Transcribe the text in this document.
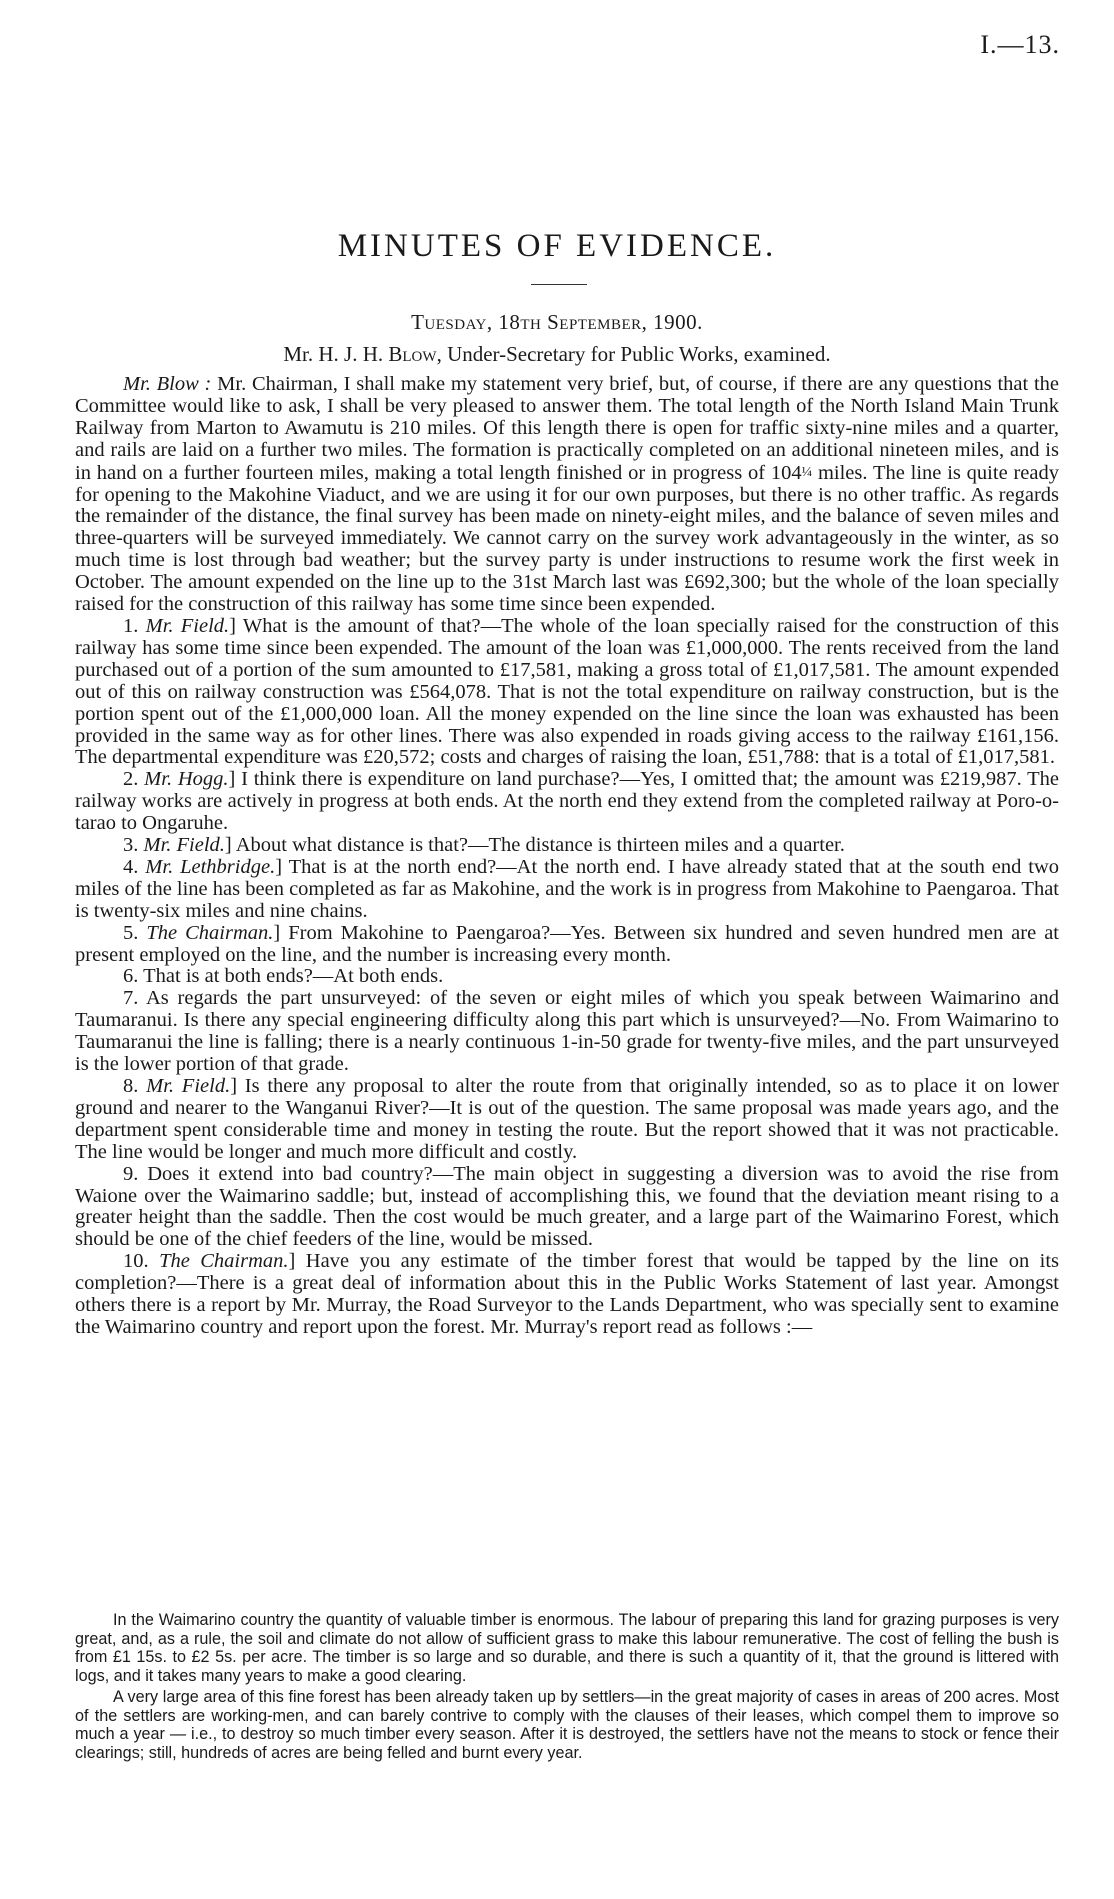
I.—13.
MINUTES OF EVIDENCE.
Tuesday, 18th September, 1900.
Mr. H. J. H. Blow, Under-Secretary for Public Works, examined.

Mr. Blow : Mr. Chairman, I shall make my statement very brief, but, of course, if there are any questions that the Committee would like to ask, I shall be very pleased to answer them. The total length of the North Island Main Trunk Railway from Marton to Awamutu is 210 miles. Of this length there is open for traffic sixty-nine miles and a quarter, and rails are laid on a further two miles. The formation is practically completed on an additional nineteen miles, and is in hand on a further fourteen miles, making a total length finished or in progress of 104¼ miles. The line is quite ready for opening to the Makohine Viaduct, and we are using it for our own purposes, but there is no other traffic. As regards the remainder of the distance, the final survey has been made on ninety-eight miles, and the balance of seven miles and three-quarters will be surveyed immediately. We cannot carry on the survey work advantageously in the winter, as so much time is lost through bad weather; but the survey party is under instructions to resume work the first week in October. The amount expended on the line up to the 31st March last was £692,300; but the whole of the loan specially raised for the construction of this railway has some time since been expended.

1. Mr. Field.] What is the amount of that?—The whole of the loan specially raised for the construction of this railway has some time since been expended. The amount of the loan was £1,000,000. The rents received from the land purchased out of a portion of the sum amounted to £17,581, making a gross total of £1,017,581. The amount expended out of this on railway construction was £564,078. That is not the total expenditure on railway construction, but is the portion spent out of the £1,000,000 loan. All the money expended on the line since the loan was exhausted has been provided in the same way as for other lines. There was also expended in roads giving access to the railway £161,156. The departmental expenditure was £20,572; costs and charges of raising the loan, £51,788: that is a total of £1,017,581.

2. Mr. Hogg.] I think there is expenditure on land purchase?—Yes, I omitted that; the amount was £219,987. The railway works are actively in progress at both ends. At the north end they extend from the completed railway at Poro-o-tarao to Ongaruhe.

3. Mr. Field.] About what distance is that?—The distance is thirteen miles and a quarter.

4. Mr. Lethbridge.] That is at the north end?—At the north end. I have already stated that at the south end two miles of the line has been completed as far as Makohine, and the work is in progress from Makohine to Paengaroa. That is twenty-six miles and nine chains.

5. The Chairman.] From Makohine to Paengaroa?—Yes. Between six hundred and seven hundred men are at present employed on the line, and the number is increasing every month.

6. That is at both ends?—At both ends.

7. As regards the part unsurveyed: of the seven or eight miles of which you speak between Waimarino and Taumaranui. Is there any special engineering difficulty along this part which is unsurveyed?—No. From Waimarino to Taumaranui the line is falling; there is a nearly continuous 1-in-50 grade for twenty-five miles, and the part unsurveyed is the lower portion of that grade.

8. Mr. Field.] Is there any proposal to alter the route from that originally intended, so as to place it on lower ground and nearer to the Wanganui River?—It is out of the question. The same proposal was made years ago, and the department spent considerable time and money in testing the route. But the report showed that it was not practicable. The line would be longer and much more difficult and costly.

9. Does it extend into bad country?—The main object in suggesting a diversion was to avoid the rise from Waione over the Waimarino saddle; but, instead of accomplishing this, we found that the deviation meant rising to a greater height than the saddle. Then the cost would be much greater, and a large part of the Waimarino Forest, which should be one of the chief feeders of the line, would be missed.

10. The Chairman.] Have you any estimate of the timber forest that would be tapped by the line on its completion?—There is a great deal of information about this in the Public Works Statement of last year. Amongst others there is a report by Mr. Murray, the Road Surveyor to the Lands Department, who was specially sent to examine the Waimarino country and report upon the forest. Mr. Murray's report read as follows :—

In the Waimarino country the quantity of valuable timber is enormous. The labour of preparing this land for grazing purposes is very great, and, as a rule, the soil and climate do not allow of sufficient grass to make this labour remunerative. The cost of felling the bush is from £1 15s. to £2 5s. per acre. The timber is so large and so durable, and there is such a quantity of it, that the ground is littered with logs, and it takes many years to make a good clearing.

A very large area of this fine forest has been already taken up by settlers—in the great majority of cases in areas of 200 acres. Most of the settlers are working-men, and can barely contrive to comply with the clauses of their leases, which compel them to improve so much a year — i.e., to destroy so much timber every season. After it is destroyed, the settlers have not the means to stock or fence their clearings; still, hundreds of acres are being felled and burnt every year.
